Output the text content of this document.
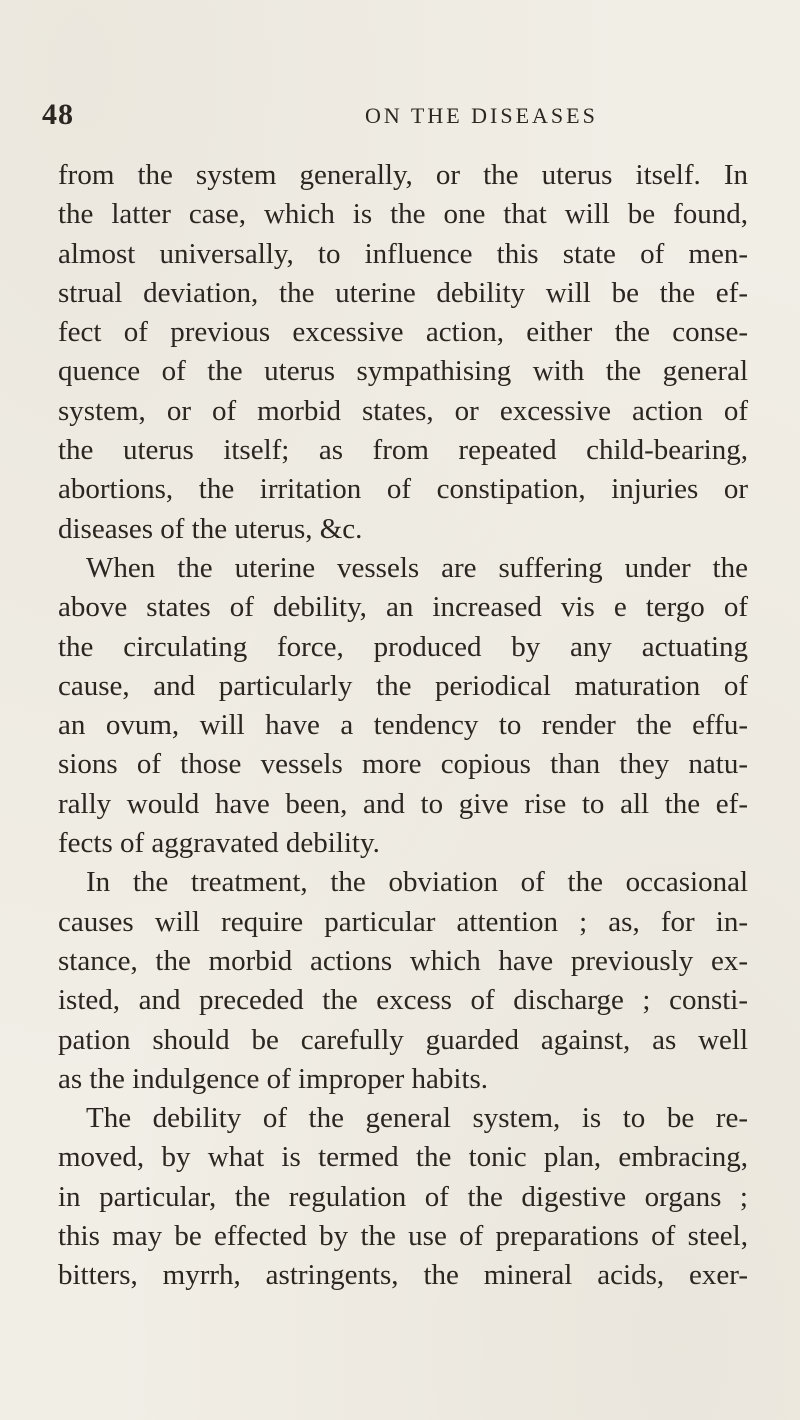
48	ON THE DISEASES
from the system generally, or the uterus itself. In
the latter case, which is the one that will be found,
almost universally, to influence this state of men-
strual deviation, the uterine debility will be the ef-
fect of previous excessive action, either the conse-
quence of the uterus sympathising with the general
system, or of morbid states, or excessive action of
the uterus itself; as from repeated child-bearing,
abortions, the irritation of constipation, injuries or
diseases of the uterus, &c.
When the uterine vessels are suffering under the
above states of debility, an increased vis e tergo of
the circulating force, produced by any actuating
cause, and particularly the periodical maturation of
an ovum, will have a tendency to render the effu-
sions of those vessels more copious than they natu-
rally would have been, and to give rise to all the ef-
fects of aggravated debility.
In the treatment, the obviation of the occasional
causes will require particular attention ; as, for in-
stance, the morbid actions which have previously ex-
isted, and preceded the excess of discharge ; consti-
pation should be carefully guarded against, as well
as the indulgence of improper habits.
The debility of the general system, is to be re-
moved, by what is termed the tonic plan, embracing,
in particular, the regulation of the digestive organs ;
this may be effected by the use of preparations of steel,
bitters, myrrh, astringents, the mineral acids, exer-
